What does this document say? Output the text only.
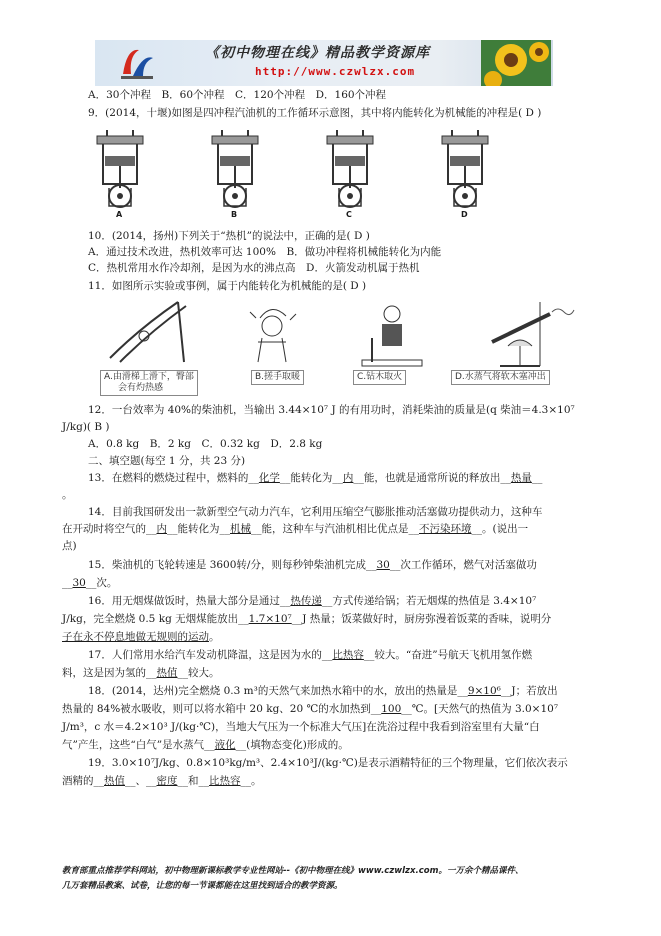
《初中物理在线》精品教学资源库
http://www.czwlzx.com
A．30个冲程　B．60个冲程　C．120个冲程　D．160个冲程
9．(2014，十堰)如图是四冲程汽油机的工作循环示意图，其中将内能转化为机械能的冲程是( D )
A	B	C	D
10．(2014，扬州)下列关于“热机”的说法中，正确的是( D )
A．通过技术改进，热机效率可达 100%　B．做功冲程将机械能转化为内能
C．热机常用水作冷却剂，是因为水的沸点高　D．火箭发动机属于热机
11．如图所示实验或事例，属于内能转化为机械能的是( D )
A.由滑梯上滑下，臀部
会有灼热感
B.搓手取暖	C.钻木取火	D.水蒸气将软木塞冲出
12．一台效率为 40%的柴油机，当输出 3.44×10⁷ J 的有用功时，消耗柴油的质量是(q 柴油＝4.3×10⁷
J/kg)( B )
A．0.8 kg　B．2 kg　C．0.32 kg　D．2.8 kg
二、填空题(每空 1 分，共 23 分)
13．在燃料的燃烧过程中，燃料的__化学__能转化为__内__能，也就是通常所说的释放出__热量__
。
14．目前我国研发出一款新型空气动力汽车，它利用压缩空气膨胀推动活塞做功提供动力，这种车
在开动时将空气的__内__能转化为__机械__能，这种车与汽油机相比优点是__不污染环境__。(说出一
点)
15．柴油机的飞轮转速是 3600转/分，则每秒钟柴油机完成__30__次工作循环，燃气对活塞做功
__30__次。
16．用无烟煤做饭时，热量大部分是通过__热传递__方式传递给锅；若无烟煤的热值是 3.4×10⁷
J/kg，完全燃烧 0.5 kg 无烟煤能放出__1.7×10⁷__J 热量；饭菜做好时，厨房弥漫着饭菜的香味，说明分
子在永不停息地做无规则的运动。
17．人们常用水给汽车发动机降温，这是因为水的__比热容__较大。“奋进”号航天飞机用氢作燃
料，这是因为氢的__热值__较大。
18．(2014，达州)完全燃烧 0.3 m³的天然气来加热水箱中的水，放出的热量是__9×10⁶__J；若放出
热量的 84%被水吸收，则可以将水箱中 20 kg、20 ℃的水加热到__100__℃。[天然气的热值为 3.0×10⁷
J/m³，c 水＝4.2×10³ J/(kg·℃)，当地大气压为一个标准大气压]在洗浴过程中我看到浴室里有大量“白
气”产生，这些“白气”是水蒸气__液化__(填物态变化)形成的。
19．3.0×10⁷J/kg、0.8×10³kg/m³、2.4×10³J/(kg·℃)是表示酒精特征的三个物理量，它们依次表示
酒精的__热值__、__密度__和__比热容__。
教育部重点推荐学科网站，初中物理新课标教学专业性网站--《初中物理在线》www.czwlzx.com。一万余个精品课件、
几万套精品教案、试卷，让您的每一节课都能在这里找到适合的教学资源。
